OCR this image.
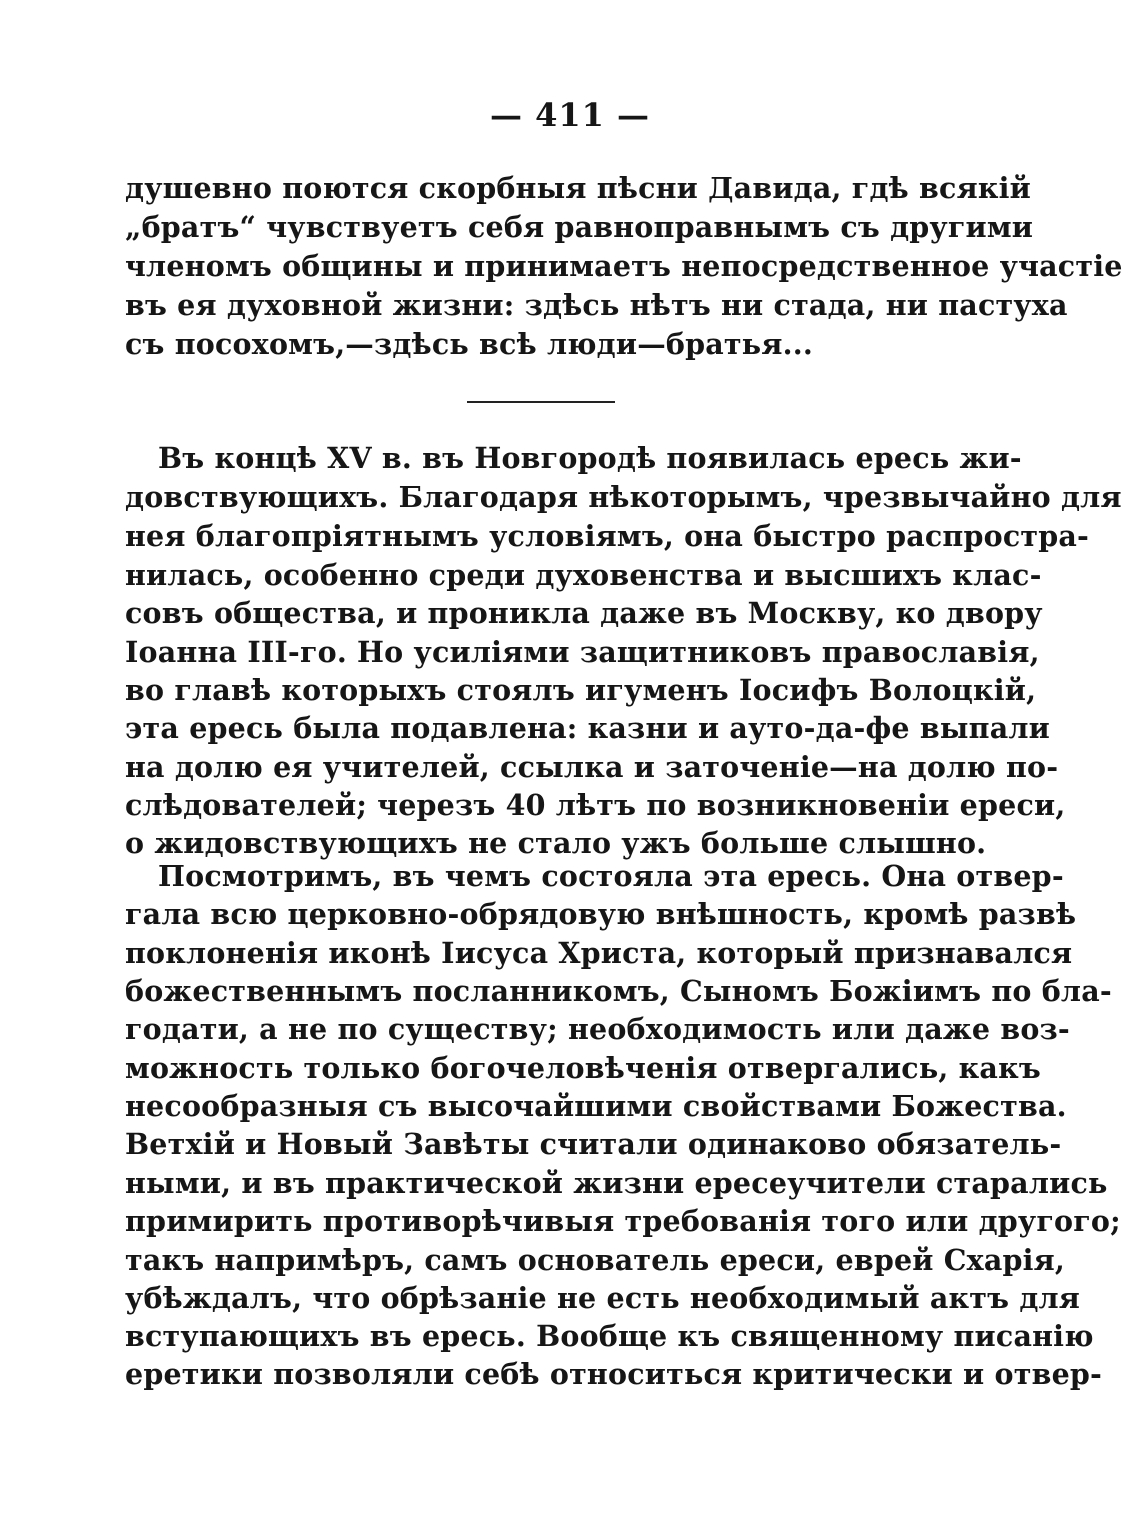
— 411 —
душевно поются скорбныя пѣсни Давида, гдѣ всякій
„братъ“ чувствуетъ себя равноправнымъ съ другими
членомъ общины и принимаетъ непосредственное участіе
въ ея духовной жизни: здѣсь нѣтъ ни стада, ни пастуха
съ посохомъ,—здѣсь всѣ люди—братья...
Въ концѣ XV в. въ Новгородѣ появилась ересь жи-
довствующихъ. Благодаря нѣкоторымъ, чрезвычайно для
нея благопріятнымъ условіямъ, она быстро распростра-
нилась, особенно среди духовенства и высшихъ клас-
совъ общества, и проникла даже въ Москву, ко двору
Іоанна III-го. Но усиліями защитниковъ православія,
во главѣ которыхъ стоялъ игуменъ Іосифъ Волоцкій,
эта ересь была подавлена: казни и ауто-да-фе выпали
на долю ея учителей, ссылка и заточеніе—на долю по-
слѣдователей; черезъ 40 лѣтъ по возникновеніи ереси,
о жидовствующихъ не стало ужъ больше слышно.
Посмотримъ, въ чемъ состояла эта ересь. Она отвер-
гала всю церковно-обрядовую внѣшность, кромѣ развѣ
поклоненія иконѣ Іисуса Христа, который признавался
божественнымъ посланникомъ, Сыномъ Божіимъ по бла-
годати, а не по существу; необходимость или даже воз-
можность только богочеловѣченія отвергались, какъ
несообразныя съ высочайшими свойствами Божества.
Ветхій и Новый Завѣты считали одинаково обязатель-
ными, и въ практической жизни ересеучители старались
примирить противорѣчивыя требованія того или другого;
такъ напримѣръ, самъ основатель ереси, еврей Схарія,
убѣждалъ, что обрѣзаніе не есть необходимый актъ для
вступающихъ въ ересь. Вообще къ священному писанію
еретики позволяли себѣ относиться критически и отвер-
